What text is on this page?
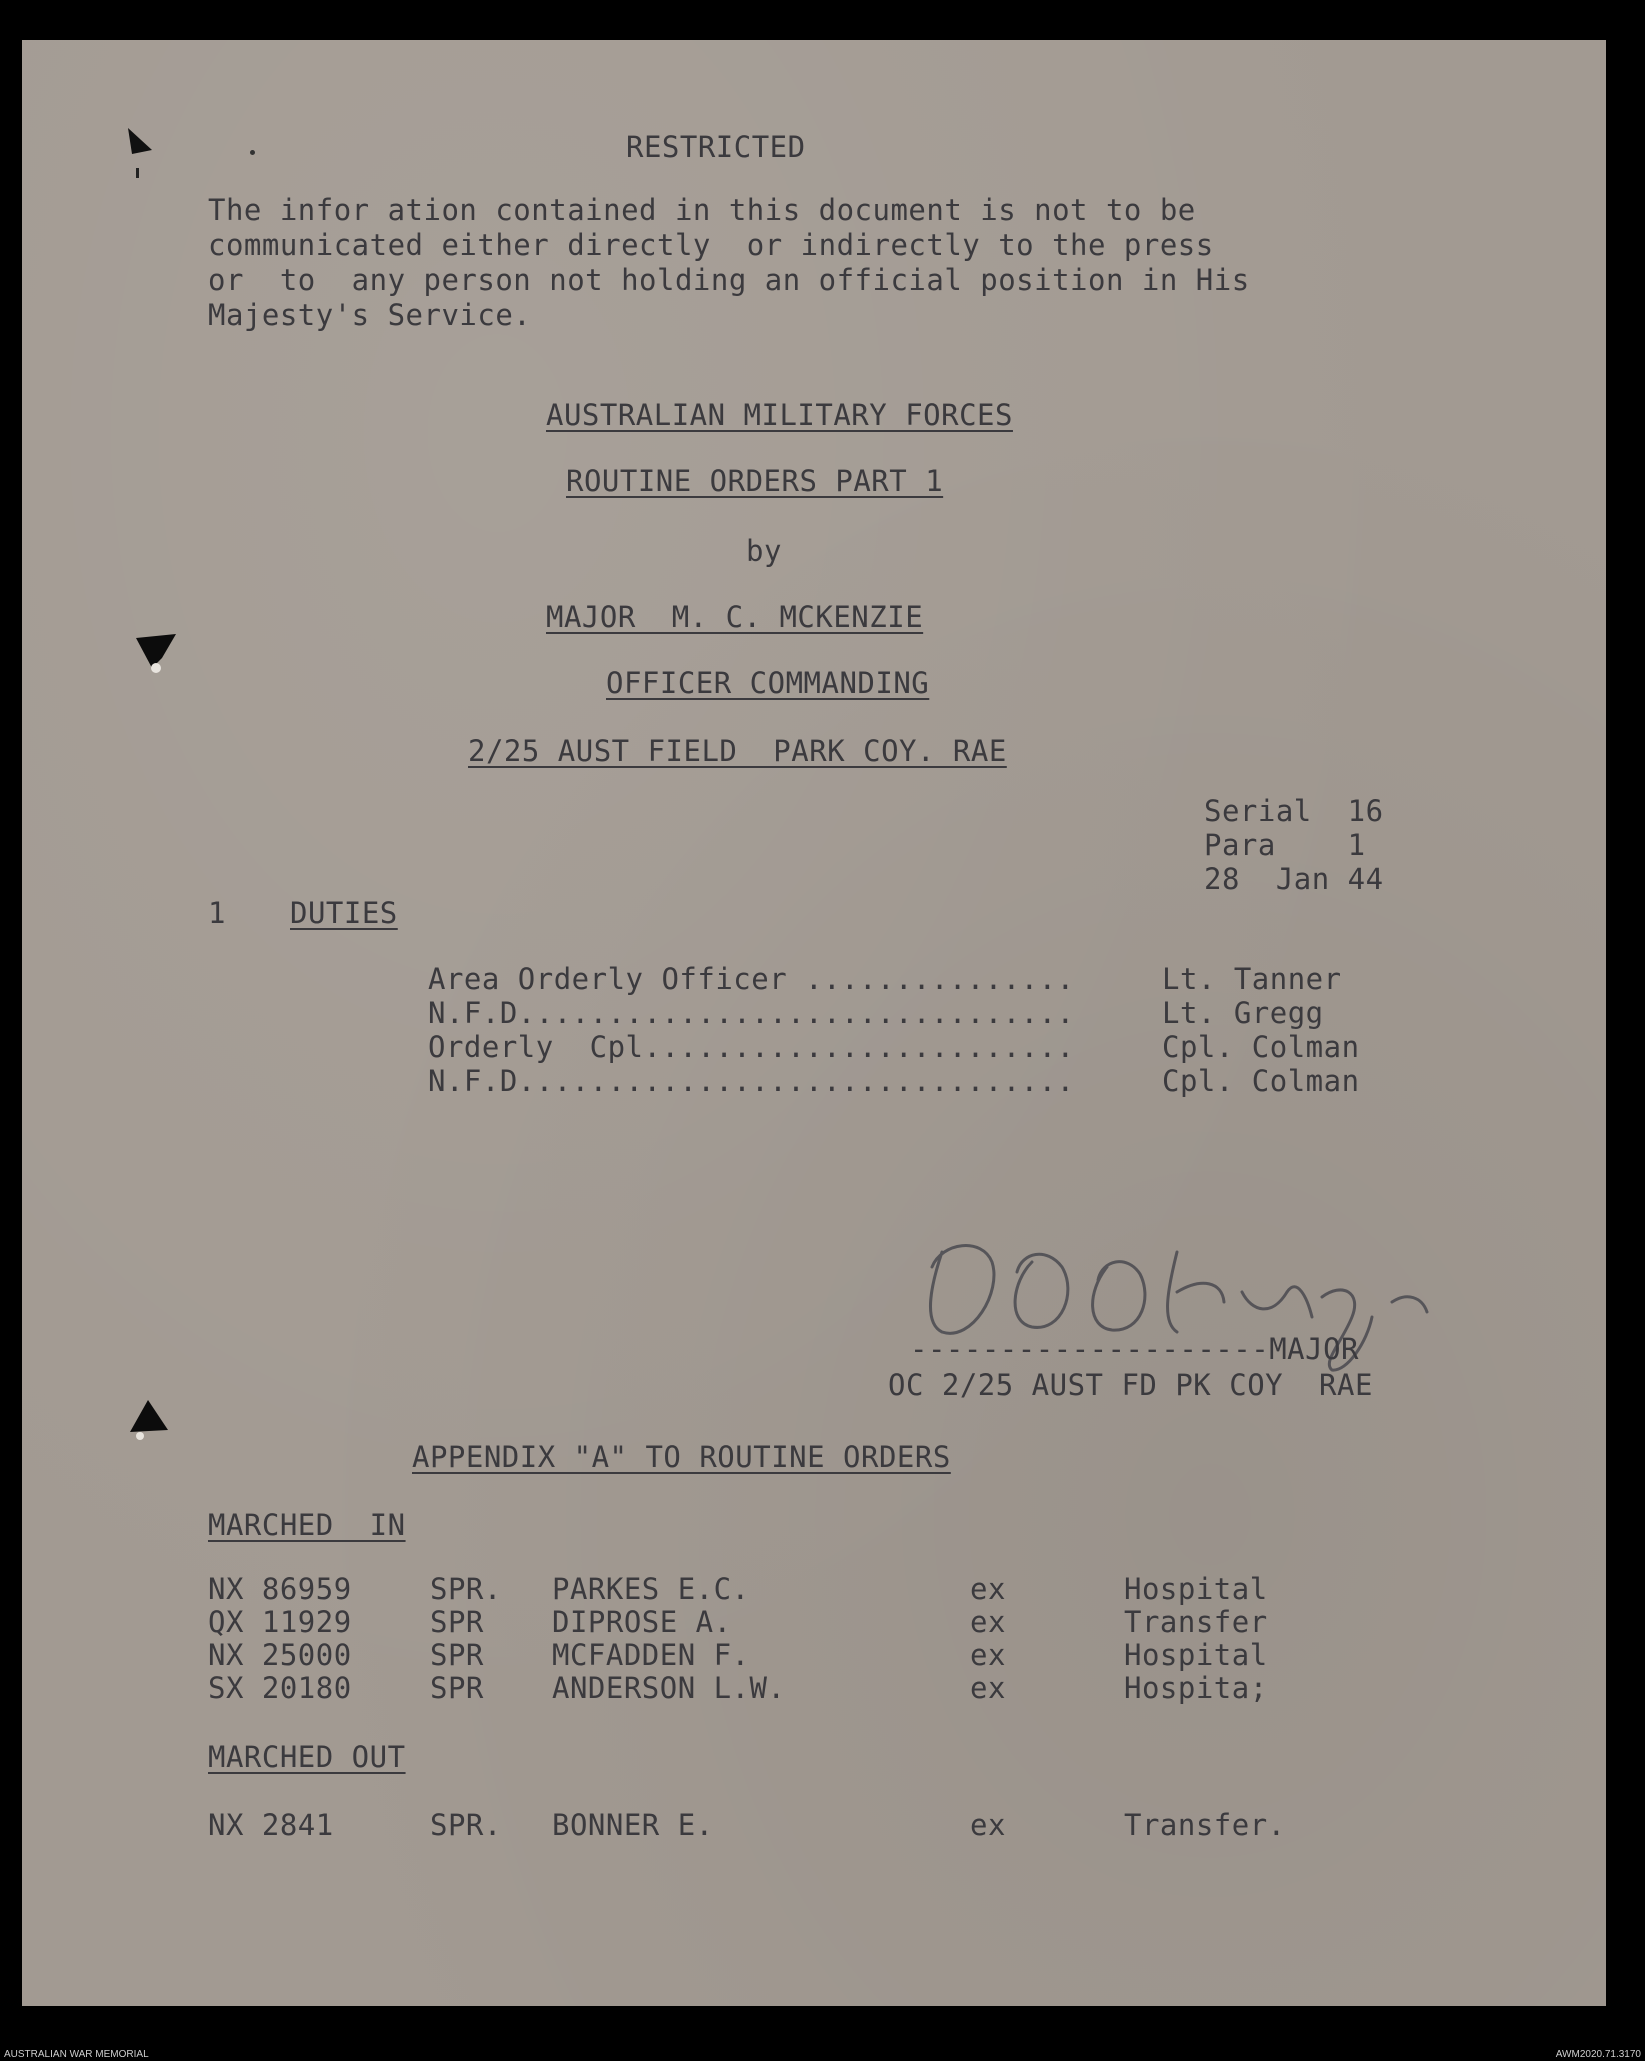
RESTRICTED
The infor ation contained in this document is not to be
communicated either directly  or indirectly to the press
or  to  any person not holding an official position in His
Majesty's Service.
AUSTRALIAN MILITARY FORCES
ROUTINE ORDERS PART 1
by
MAJOR  M. C. MCKENZIE
OFFICER COMMANDING
2/25 AUST FIELD  PARK COY. RAE
Serial  16
Para    1
28  Jan 44
1 DUTIES
Area Orderly Officer ...............	Lt. Tanner
N.F.D...............................	Lt. Gregg
Orderly  Cpl........................	Cpl. Colman
N.F.D...............................	Cpl. Colman
--------------------MAJOR
OC 2/25 AUST FD PK COY  RAE
APPENDIX "A" TO ROUTINE ORDERS
MARCHED  IN
NX 86959	SPR. PARKES E.C.	ex	Hospital
QX 11929	SPR DIPROSE A.	ex	Transfer
NX 25000	SPR MCFADDEN F.	ex	Hospital
SX 20180	SPR ANDERSON L.W.	ex	Hospita;
MARCHED OUT
NX 2841	SPR. BONNER E.	ex	Transfer.
AUSTRALIAN WAR MEMORIAL	AWM2020.71.3170
